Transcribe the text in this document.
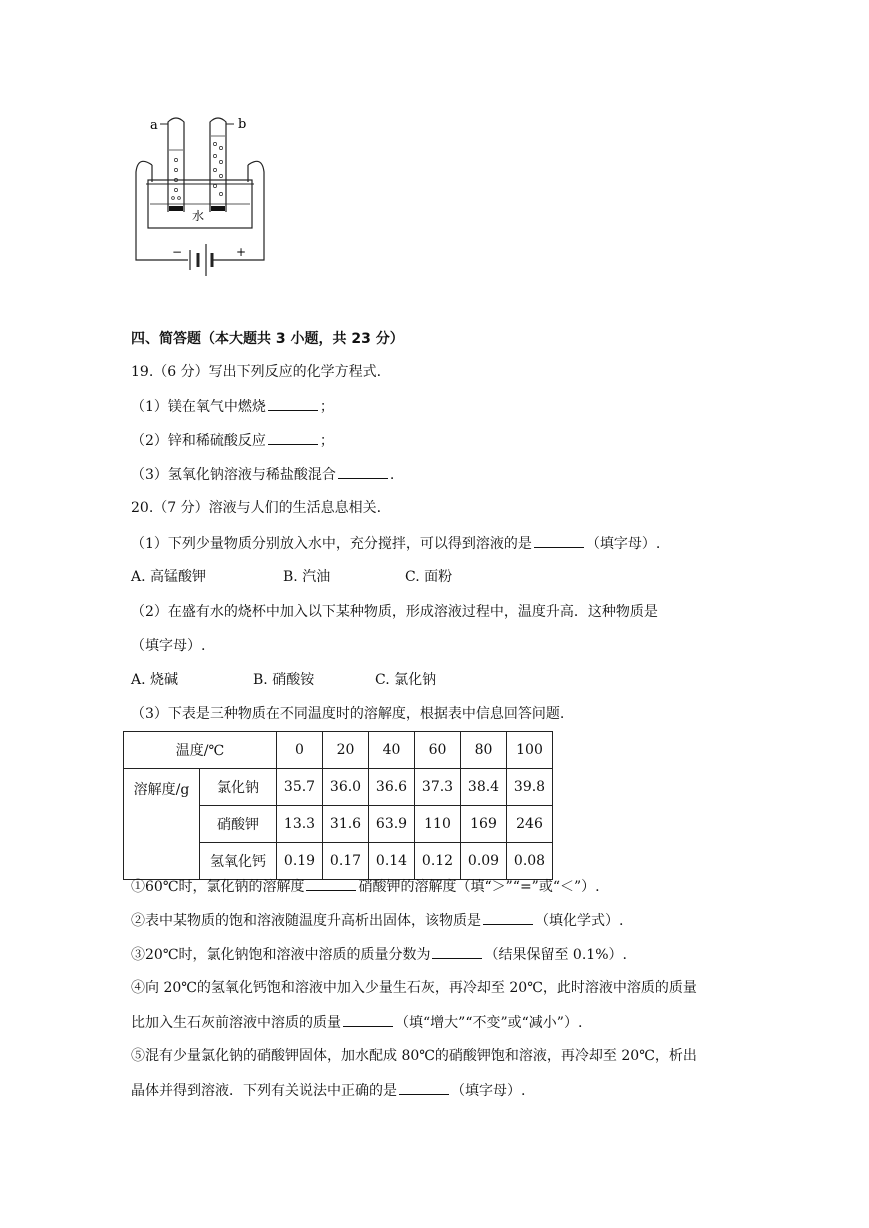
−	+
a	b
水
四、简答题（本大题共 3 小题，共 23 分）
19.（6 分）写出下列反应的化学方程式.
（1）镁在氧气中燃烧	；
（2）锌和稀硫酸反应	；
（3）氢氧化钠溶液与稀盐酸混合	.
20.（7 分）溶液与人们的生活息息相关.
（1）下列少量物质分别放入水中，充分搅拌，可以得到溶液的是	（填字母）.
A. 高锰酸钾	B. 汽油	C. 面粉
（2）在盛有水的烧杯中加入以下某种物质，形成溶液过程中，温度升高．这种物质是
（填字母）.
A. 烧碱	B. 硝酸铵	C. 氯化钠
（3）下表是三种物质在不同温度时的溶解度，根据表中信息回答问题.
温度/℃		0	20	40	60	80	100
溶解度/g	氯化钠	35.7	36.0	36.6	37.3	38.4	39.8
	硝酸钾	13.3	31.6	63.9	110	169	246
	氢氧化钙	0.19	0.17	0.14	0.12	0.09	0.08
①60℃时，氯化钠的溶解度	硝酸钾的溶解度（填“＞”“=”或“＜”）.
②表中某物质的饱和溶液随温度升高析出固体，该物质是	（填化学式）.
③20℃时，氯化钠饱和溶液中溶质的质量分数为	（结果保留至 0.1%）.
④向 20℃的氢氧化钙饱和溶液中加入少量生石灰，再冷却至 20℃，此时溶液中溶质的质量
比加入生石灰前溶液中溶质的质量	（填“增大”“不变”或“减小”）.
⑤混有少量氯化钠的硝酸钾固体，加水配成 80℃的硝酸钾饱和溶液，再冷却至 20℃，析出
晶体并得到溶液．下列有关说法中正确的是	（填字母）.
